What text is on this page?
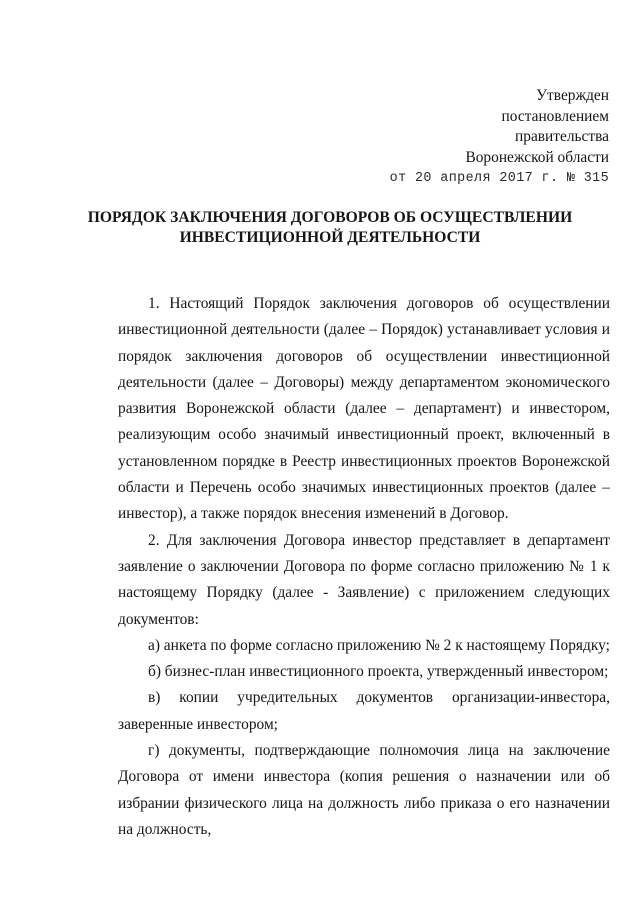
Утвержден
постановлением
правительства
Воронежской области
от 20 апреля 2017 г. № 315
ПОРЯДОК ЗАКЛЮЧЕНИЯ ДОГОВОРОВ ОБ ОСУЩЕСТВЛЕНИИ
ИНВЕСТИЦИОННОЙ ДЕЯТЕЛЬНОСТИ

1. Настоящий Порядок заключения договоров об осуществлении инвестиционной деятельности (далее – Порядок) устанавливает условия и порядок заключения договоров об осуществлении инвестиционной деятельности (далее – Договоры) между департаментом экономического развития Воронежской области (далее – департамент) и инвестором, реализующим особо значимый инвестиционный проект, включенный в установленном порядке в Реестр инвестиционных проектов Воронежской области и Перечень особо значимых инвестиционных проектов (далее – инвестор), а также порядок внесения изменений в Договор.

2. Для заключения Договора инвестор представляет в департамент заявление о заключении Договора по форме согласно приложению № 1 к настоящему Порядку (далее - Заявление) с приложением следующих документов:

а) анкета по форме согласно приложению № 2 к настоящему Порядку;

б) бизнес-план инвестиционного проекта, утвержденный инвестором;

в) копии учредительных документов организации-инвестора, заверенные инвестором;

г) документы, подтверждающие полномочия лица на заключение Договора от имени инвестора (копия решения о назначении или об избрании физического лица на должность либо приказа о его назначении на должность,
